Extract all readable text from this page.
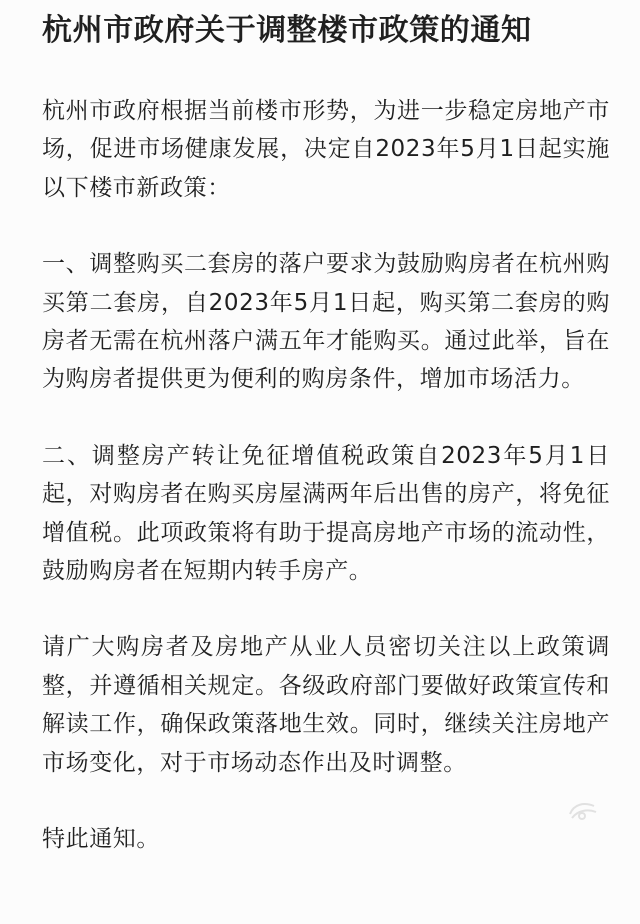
杭州市政府关于调整楼市政策的通知
杭州市政府根据当前楼市形势，为进一步稳定房地产市场，促进市场健康发展，决定自2023年5月1日起实施以下楼市新政策：
一、调整购买二套房的落户要求为鼓励购房者在杭州购买第二套房，自2023年5月1日起，购买第二套房的购房者无需在杭州落户满五年才能购买。通过此举，旨在为购房者提供更为便利的购房条件，增加市场活力。
二、调整房产转让免征增值税政策自2023年5月1日起，对购房者在购买房屋满两年后出售的房产，将免征增值税。此项政策将有助于提高房地产市场的流动性，鼓励购房者在短期内转手房产。
请广大购房者及房地产从业人员密切关注以上政策调整，并遵循相关规定。各级政府部门要做好政策宣传和解读工作，确保政策落地生效。同时，继续关注房地产市场变化，对于市场动态作出及时调整。
特此通知。
